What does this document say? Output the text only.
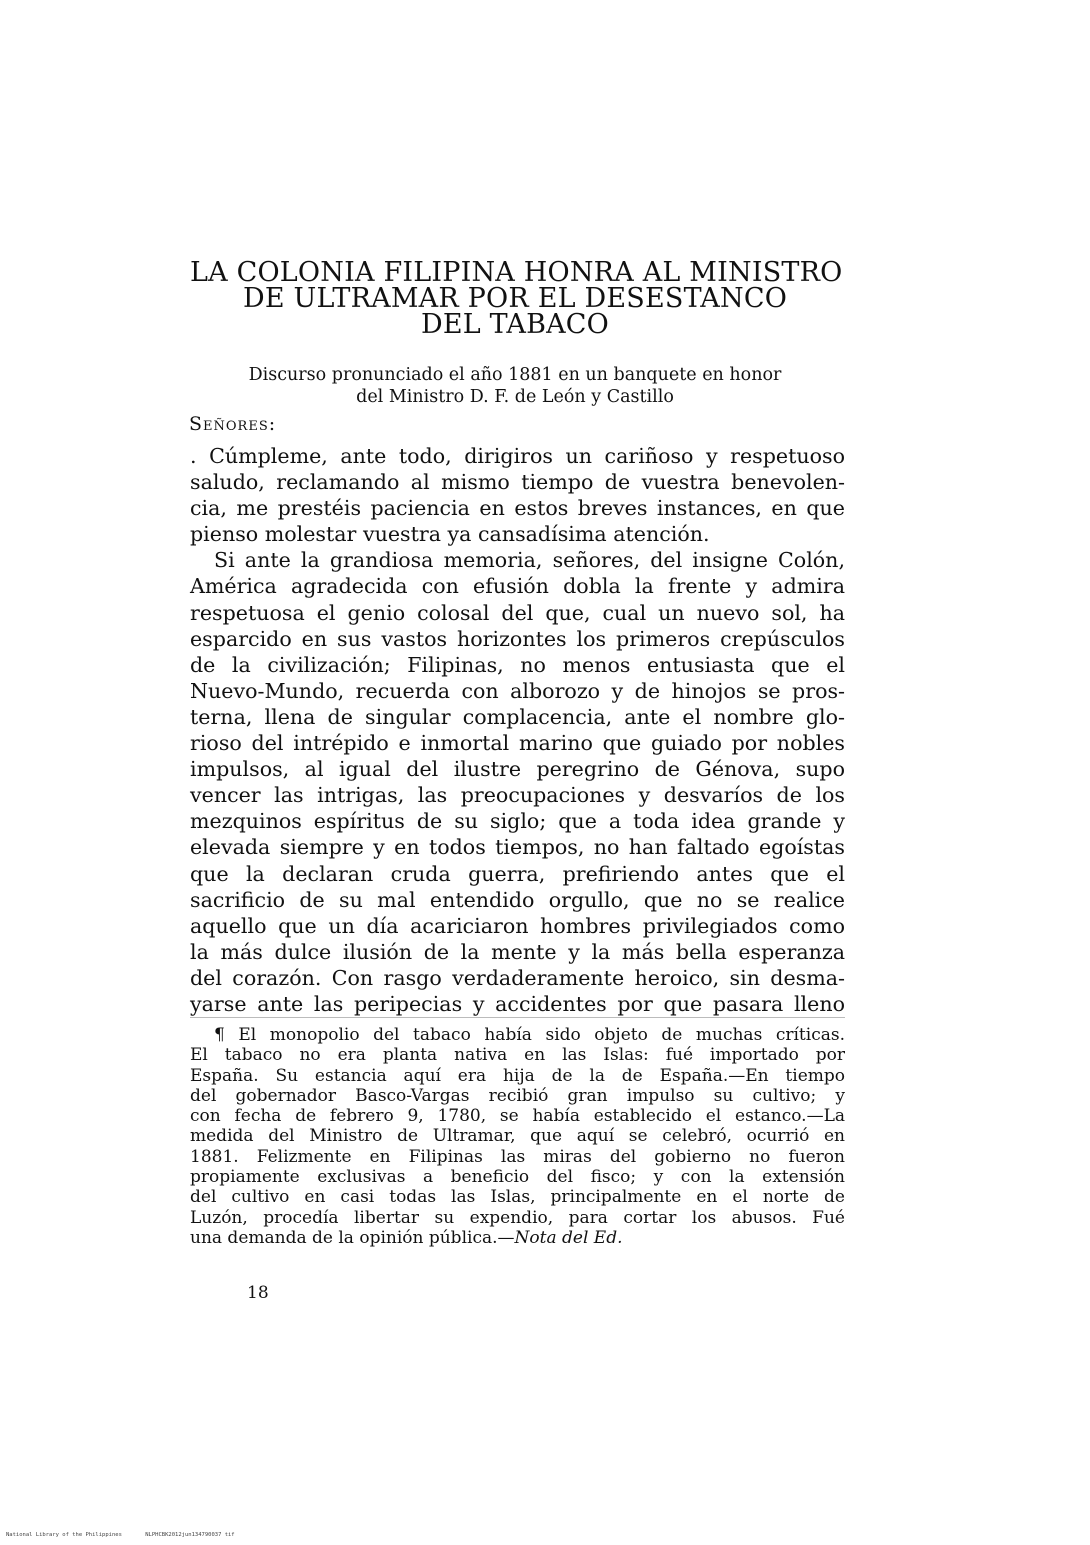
LA COLONIA FILIPINA HONRA AL MINISTRO
DE ULTRAMAR POR EL DESESTANCO
DEL TABACO
Discurso pronunciado el año 1881 en un banquete en honor
del Ministro D. F. de León y Castillo
Señores:
. Cúmpleme, ante todo, dirigiros un cariñoso y respetuoso
saludo, reclamando al mismo tiempo de vuestra benevolen-
cia, me prestéis paciencia en estos breves instances, en que
pienso molestar vuestra ya cansadísima atención.
Si ante la grandiosa memoria, señores, del insigne Colón,
América agradecida con efusión dobla la frente y admira
respetuosa el genio colosal del que, cual un nuevo sol, ha
esparcido en sus vastos horizontes los primeros crepúsculos
de la civilización; Filipinas, no menos entusiasta que el
Nuevo-Mundo, recuerda con alborozo y de hinojos se pros-
terna, llena de singular complacencia, ante el nombre glo-
rioso del intrépido e inmortal marino que guiado por nobles
impulsos, al igual del ilustre peregrino de Génova, supo
vencer las intrigas, las preocupaciones y desvaríos de los
mezquinos espíritus de su siglo; que a toda idea grande y
elevada siempre y en todos tiempos, no han faltado egoístas
que la declaran cruda guerra, prefiriendo antes que el
sacrificio de su mal entendido orgullo, que no se realice
aquello que un día acariciaron hombres privilegiados como
la más dulce ilusión de la mente y la más bella esperanza
del corazón. Con rasgo verdaderamente heroico, sin desma-
yarse ante las peripecias y accidentes por que pasara lleno
¶ El monopolio del tabaco había sido objeto de muchas críticas.
El tabaco no era planta nativa en las Islas: fué importado por
España. Su estancia aquí era hija de la de España.—En tiempo
del gobernador Basco-Vargas recibió gran impulso su cultivo; y
con fecha de febrero 9, 1780, se había establecido el estanco.—La
medida del Ministro de Ultramar, que aquí se celebró, ocurrió en
1881. Felizmente en Filipinas las miras del gobierno no fueron
propiamente exclusivas a beneficio del fisco; y con la extensión
del cultivo en casi todas las Islas, principalmente en el norte de
Luzón, procedía libertar su expendio, para cortar los abusos. Fué
una demanda de la opinión pública.—Nota del Ed.
18
National Library of the Philippines	NLPHCBK2012jun134790037 tif
